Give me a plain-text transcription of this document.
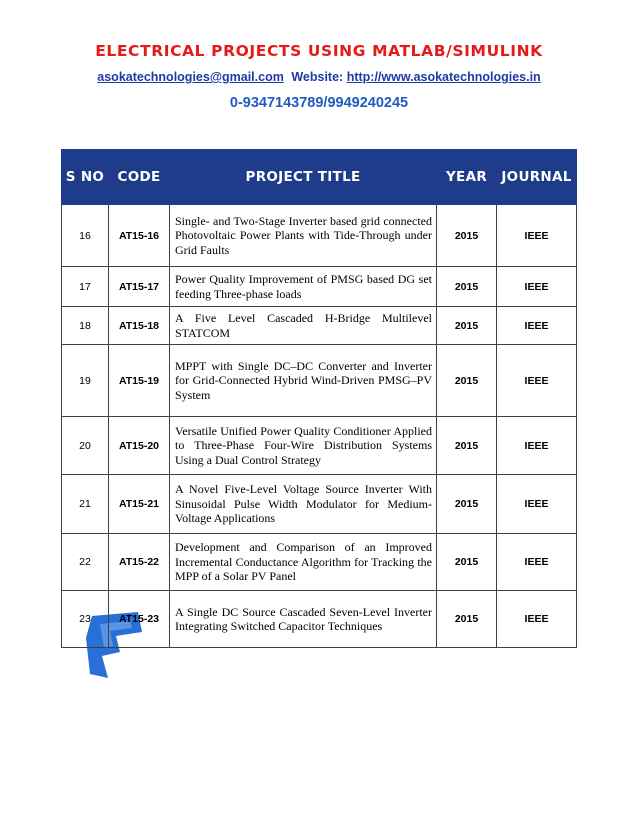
ELECTRICAL PROJECTS USING MATLAB/SIMULINK
asokatechnologies@gmail.com Website: http://www.asokatechnologies.in
0-9347143789/9949240245
S NO	CODE	PROJECT TITLE	YEAR	JOURNAL
16	AT15-16	Single- and Two-Stage Inverter based grid connected Photovoltaic Power Plants with Tide-Through under Grid Faults	2015	IEEE
17	AT15-17	Power Quality Improvement of PMSG based DG set feeding Three-phase loads	2015	IEEE
18	AT15-18	A Five Level Cascaded H-Bridge Multilevel STATCOM	2015	IEEE
19	AT15-19	MPPT with Single DC–DC Converter and Inverter for Grid-Connected Hybrid Wind-Driven PMSG–PV System	2015	IEEE
20	AT15-20	Versatile Unified Power Quality Conditioner Applied to Three-Phase Four-Wire Distribution Systems Using a Dual Control Strategy	2015	IEEE
21	AT15-21	A Novel Five-Level Voltage Source Inverter With Sinusoidal Pulse Width Modulator for Medium-Voltage Applications	2015	IEEE
22	AT15-22	Development and Comparison of an Improved Incremental Conductance Algorithm for Tracking the MPP of a Solar PV Panel	2015	IEEE
23	AT15-23	A Single DC Source Cascaded Seven-Level Inverter Integrating Switched Capacitor Techniques	2015	IEEE
